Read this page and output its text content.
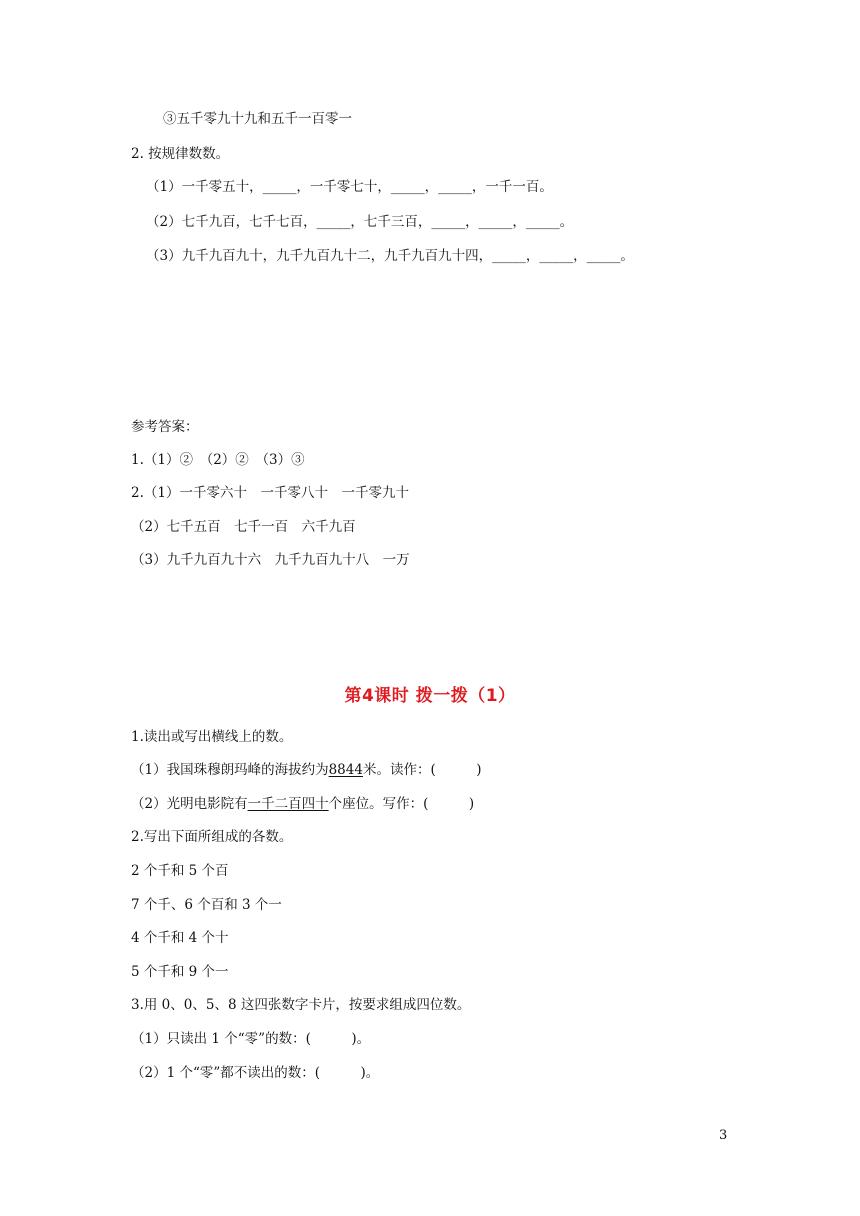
③五千零九十九和五千一百零一
2. 按规律数数。
（1）一千零五十，_____，一千零七十，_____，_____，一千一百。
（2）七千九百，七千七百，_____，七千三百，_____，_____，_____。
（3）九千九百九十，九千九百九十二，九千九百九十四，_____，_____，_____。
参考答案：
1.（1）②　（2）②　（3）③
2.（1）一千零六十　一千零八十　一千零九十
（2）七千五百　七千一百　六千九百
（3）九千九百九十六　九千九百九十八　一万
第4课时 拨一拨（1）
1.读出或写出横线上的数。
（1）我国珠穆朗玛峰的海拔约为8844米。读作：(　　　)
（2）光明电影院有一千二百四十个座位。写作：(　　　)
2.写出下面所组成的各数。
2 个千和 5 个百
7 个千、6 个百和 3 个一
4 个千和 4 个十
5 个千和 9 个一
3.用 0、0、5、8 这四张数字卡片，按要求组成四位数。
（1）只读出 1 个“零”的数：(　　　)。
（2）1 个“零”都不读出的数：(　　　)。
3
